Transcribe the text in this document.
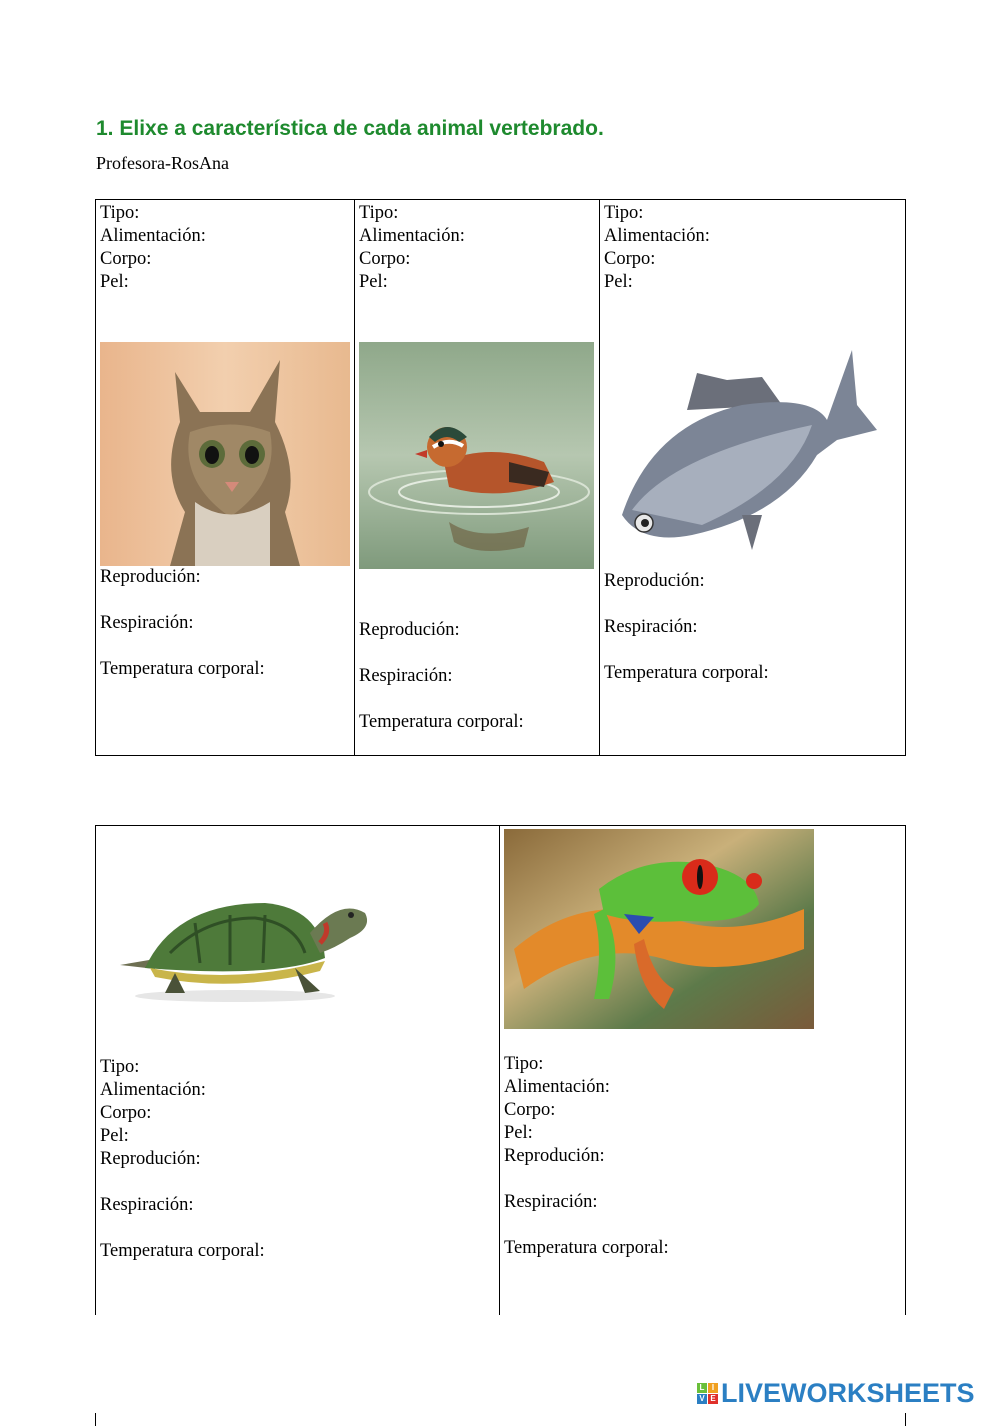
1. Elixe a característica de cada animal vertebrado.
Profesora-RosAna
Tipo:
Alimentación:
Corpo:
Pel:
Reprodución:
Respiración:
Temperatura corporal:
Tipo:
Alimentación:
Corpo:
Pel:
Reprodución:
Respiración:
Temperatura corporal:
Tipo:
Alimentación:
Corpo:
Pel:
Reprodución:
Respiración:
Temperatura corporal:
Tipo:
Alimentación:
Corpo:
Pel:
Reprodución:
Respiración:
Temperatura corporal:
Tipo:
Alimentación:
Corpo:
Pel:
Reprodución:
Respiración:
Temperatura corporal:
L I
V E LIVEWORKSHEETS
